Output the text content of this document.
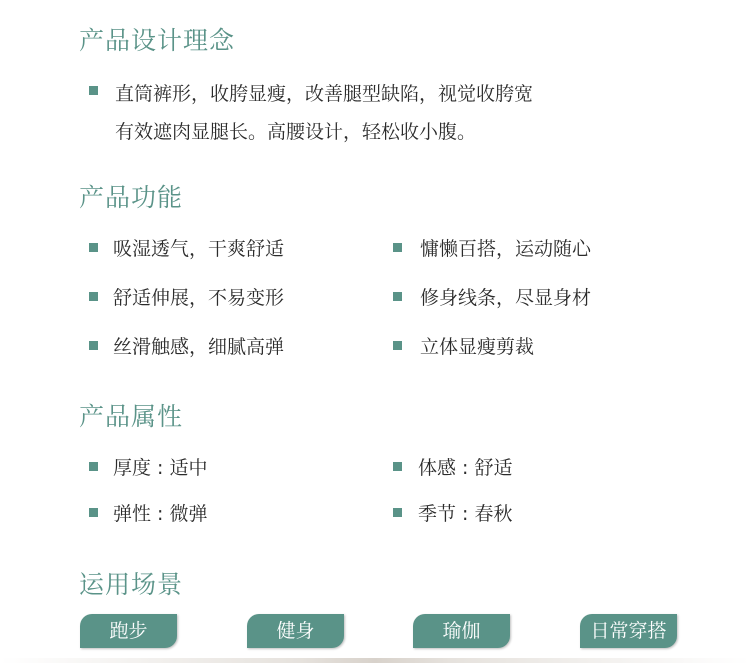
产品设计理念
直筒裤形，收胯显瘦，改善腿型缺陷，视觉收胯宽
有效遮肉显腿长。高腰设计，轻松收小腹。
产品功能
吸湿透气，干爽舒适	慵懒百搭，运动随心
舒适伸展，不易变形	修身线条，尽显身材
丝滑触感，细腻高弹	立体显瘦剪裁
产品属性
厚度 : 适中	体感 : 舒适
弹性 : 微弹	季节 : 春秋
运用场景
跑步	健身	瑜伽	日常穿搭
